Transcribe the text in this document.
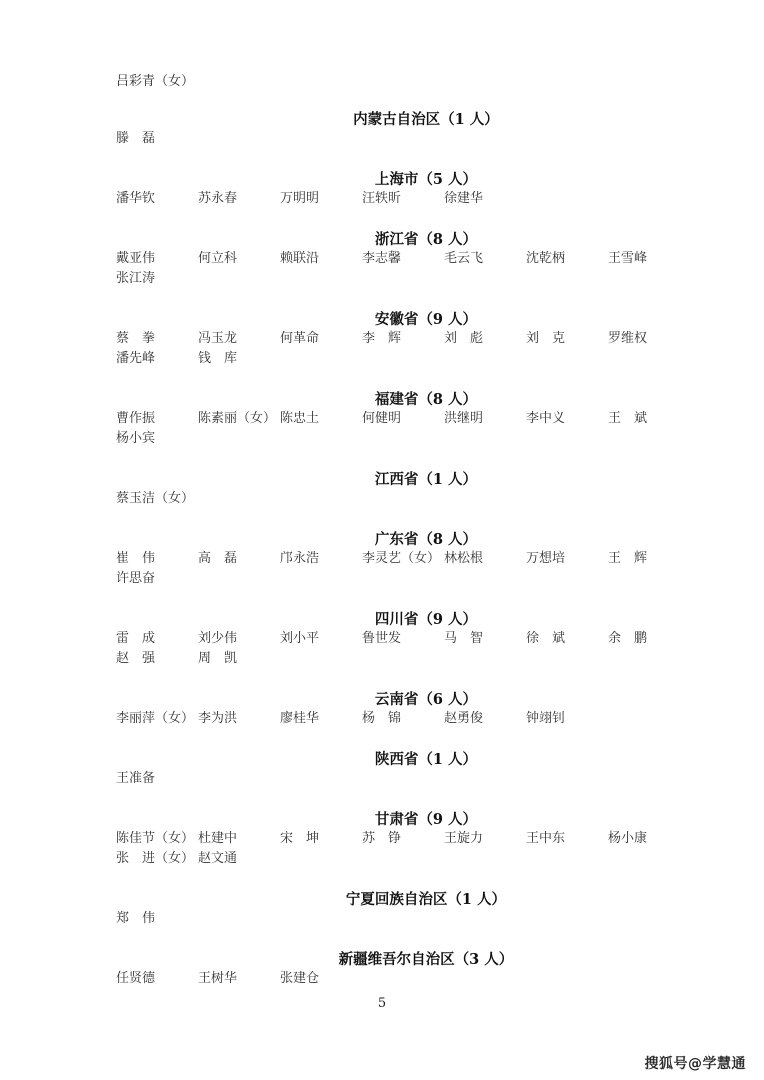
吕彩青（女）
内蒙古自治区（1 人）
滕　磊
上海市（5 人）
潘华钦	苏永春	万明明	汪轶昕	徐建华
浙江省（8 人）
戴亚伟	何立科	赖联沿	李志馨	毛云飞	沈乾柄	王雪峰
张江涛
安徽省（9 人）
蔡　拳	冯玉龙	何革命	李　辉	刘　彪	刘　克	罗维权
潘先峰	钱　库
福建省（8 人）
曹作振	陈素丽（女） 陈忠土	何健明	洪继明	李中义	王　斌
杨小宾
江西省（1 人）
蔡玉洁（女）
广东省（8 人）
崔　伟	高　磊	邝永浩	李灵艺（女） 林松根	万想培	王　辉
许思奋
四川省（9 人）
雷　成	刘少伟	刘小平	鲁世发	马　智	徐　斌	余　鹏
赵　强	周　凯
云南省（6 人）
李丽萍（女） 李为洪	廖桂华	杨　锦	赵勇俊	钟翊钊
陕西省（1 人）
王准备
甘肃省（9 人）
陈佳节（女） 杜建中	宋　坤	苏　铮	王旋力	王中东	杨小康
张　进（女） 赵文通
宁夏回族自治区（1 人）
郑　伟
新疆维吾尔自治区（3 人）
任贤德	王树华	张建仓
5
搜狐号@学慧通
